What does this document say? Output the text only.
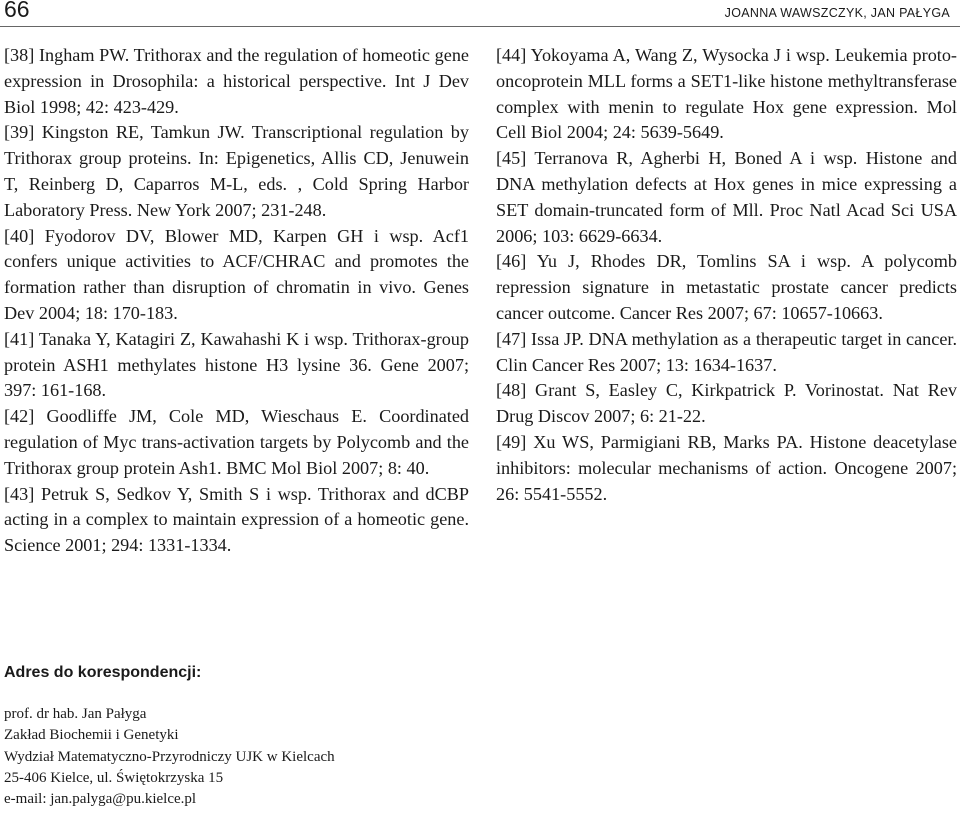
66	JOANNA WAWSZCZYK, JAN PAŁYGA

[38] Ingham PW. Trithorax and the regulation of homeotic gene expression in Drosophila: a historical perspective. Int J Dev Biol 1998; 42: 423-429.

[39] Kingston RE, Tamkun JW. Transcriptional regulation by Trithorax group proteins. In: Epigenetics, Allis CD, Jenuwein T, Reinberg D, Caparros M-L, eds. , Cold Spring Harbor Laboratory Press. New York 2007; 231-248.

[40] Fyodorov DV, Blower MD, Karpen GH i wsp. Acf1 confers unique activities to ACF/CHRAC and promotes the formation rather than disruption of chromatin in vivo. Genes Dev 2004; 18: 170-183.

[41] Tanaka Y, Katagiri Z, Kawahashi K i wsp. Trithorax-group protein ASH1 methylates histone H3 lysine 36. Gene 2007; 397: 161-168.

[42] Goodliffe JM, Cole MD, Wieschaus E. Coordinated regulation of Myc trans-activation targets by Polycomb and the Trithorax group protein Ash1. BMC Mol Biol 2007; 8: 40.

[43] Petruk S, Sedkov Y, Smith S i wsp. Trithorax and dCBP acting in a complex to maintain expression of a homeotic gene. Science 2001; 294: 1331-1334.

[44] Yokoyama A, Wang Z, Wysocka J i wsp. Leukemia proto-oncoprotein MLL forms a SET1-like histone methyltransferase complex with menin to regulate Hox gene expression. Mol Cell Biol 2004; 24: 5639-5649.

[45] Terranova R, Agherbi H, Boned A i wsp. Histone and DNA methylation defects at Hox genes in mice expressing a SET domain-truncated form of Mll. Proc Natl Acad Sci USA 2006; 103: 6629-6634.

[46] Yu J, Rhodes DR, Tomlins SA i wsp. A polycomb repression signature in metastatic prostate cancer predicts cancer outcome. Cancer Res 2007; 67: 10657-10663.

[47] Issa JP. DNA methylation as a therapeutic target in cancer. Clin Cancer Res 2007; 13: 1634-1637.

[48] Grant S, Easley C, Kirkpatrick P. Vorinostat. Nat Rev Drug Discov 2007; 6: 21-22.

[49] Xu WS, Parmigiani RB, Marks PA. Histone deacetylase inhibitors: molecular mechanisms of action. Oncogene 2007; 26: 5541-5552.

Adres do korespondencji:

prof. dr hab. Jan Pałyga

Zakład Biochemii i Genetyki

Wydział Matematyczno-Przyrodniczy UJK w Kielcach

25-406 Kielce, ul. Świętokrzyska 15

e-mail: jan.palyga@pu.kielce.pl
